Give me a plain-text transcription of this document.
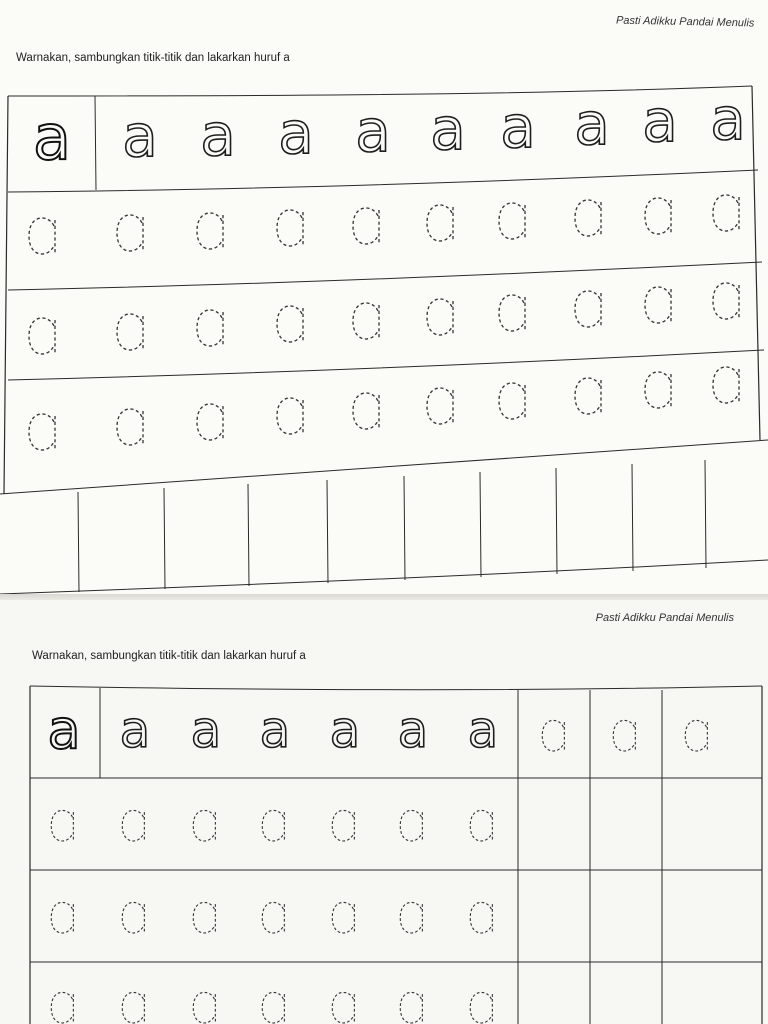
Pasti Adikku Pandai Menulis
Warnakan, sambungkan titik-titik dan lakarkan huruf a
a a a a a a a a a a
Pasti Adikku Pandai Menulis
Warnakan, sambungkan titik-titik dan lakarkan huruf a
a a a a a a a
